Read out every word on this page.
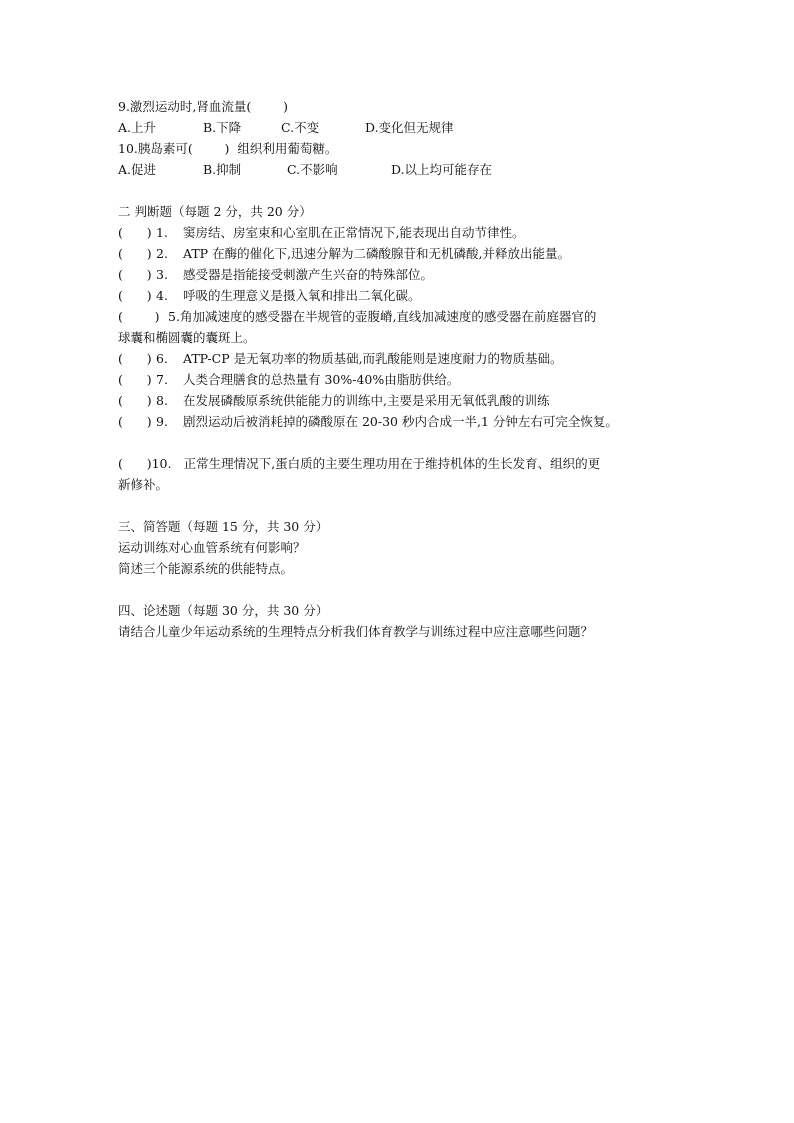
9.激烈运动时,肾血流量(        )
A.上升	B.下降	C.不变	D.变化但无规律
10.胰岛素可(        )  组织利用葡萄糖。
A.促进	B.抑制	C.不影响	D.以上均可能存在
二 判断题（每题 2 分，共 20 分）
(      ) 1.	窦房结、房室束和心室肌在正常情况下,能表现出自动节律性。
(      ) 2.	ATP 在酶的催化下,迅速分解为二磷酸腺苷和无机磷酸,并释放出能量。
(      ) 3.	感受器是指能接受刺激产生兴奋的特殊部位。
(      ) 4.	呼吸的生理意义是摄入氧和排出二氧化碳。
(        ) 5. 角加减速度的感受器在半规管的壶腹嵴,直线加减速度的感受器在前庭器官的
球囊和椭圆囊的囊斑上。
(      ) 6.	ATP-CP 是无氧功率的物质基础,而乳酸能则是速度耐力的物质基础。
(      ) 7.	人类合理膳食的总热量有 30%-40%由脂肪供给。
(      ) 8.	在发展磷酸原系统供能能力的训练中,主要是采用无氧低乳酸的训练
(      ) 9.	剧烈运动后被消耗掉的磷酸原在 20-30 秒内合成一半,1 分钟左右可完全恢复。
(      ) 10. 正常生理情况下,蛋白质的主要生理功用在于维持机体的生长发育、组织的更
新修补。
三、简答题（每题 15 分，共 30 分）
运动训练对心血管系统有何影响？
简述三个能源系统的供能特点。
四、论述题（每题 30 分，共 30 分）
请结合儿童少年运动系统的生理特点分析我们体育教学与训练过程中应注意哪些问题？
